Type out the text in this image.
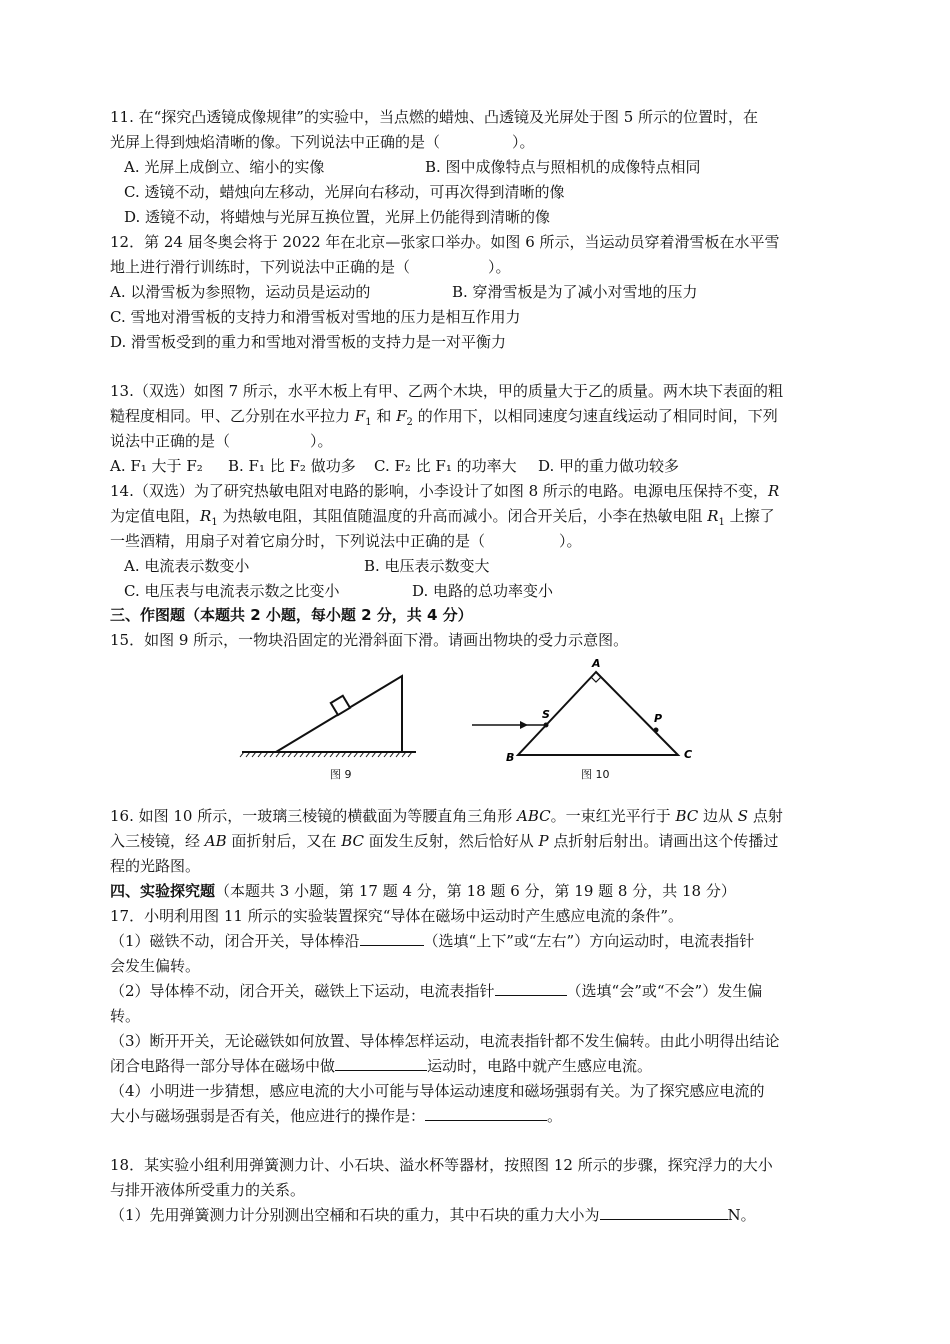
11. 在“探究凸透镜成像规律”的实验中，当点燃的蜡烛、凸透镜及光屏处于图 5 所示的位置时，在
光屏上得到烛焰清晰的像。下列说法中正确的是（	）。
A. 光屏上成倒立、缩小的实像	B. 图中成像特点与照相机的成像特点相同
C. 透镜不动，蜡烛向左移动，光屏向右移动，可再次得到清晰的像
D. 透镜不动，将蜡烛与光屏互换位置，光屏上仍能得到清晰的像
12．第 24 届冬奥会将于 2022 年在北京—张家口举办。如图 6 所示，当运动员穿着滑雪板在水平雪
地上进行滑行训练时，下列说法中正确的是（	）。
A. 以滑雪板为参照物，运动员是运动的	B. 穿滑雪板是为了减小对雪地的压力
C. 雪地对滑雪板的支持力和滑雪板对雪地的压力是相互作用力
D. 滑雪板受到的重力和雪地对滑雪板的支持力是一对平衡力
13.（双选）如图 7 所示，水平木板上有甲、乙两个木块，甲的质量大于乙的质量。两木块下表面的粗
糙程度相同。甲、乙分别在水平拉力 $F_1$ 和 $F_2$ 的作用下，以相同速度匀速直线运动了相同时间，下列
说法中正确的是（	）。
A. F₁ 大于 F₂ B. F₁ 比 F₂ 做功多 C. F₂ 比 F₁ 的功率大 D. 甲的重力做功较多
14.（双选）为了研究热敏电阻对电路的影响，小李设计了如图 8 所示的电路。电源电压保持不变，R
为定值电阻，$R_1$ 为热敏电阻，其阻值随温度的升高而减小。闭合开关后，小李在热敏电阻 $R_1$ 上擦了
一些酒精，用扇子对着它扇分时，下列说法中正确的是（	）。
A. 电流表示数变小	B. 电压表示数变大
C. 电压表与电流表示数之比变小	D. 电路的总功率变小
三、作图题（本题共 2 小题，每小题 2 分，共 4 分）
15．如图 9 所示，一物块沿固定的光滑斜面下滑。请画出物块的受力示意图。
图 9
A
B	C
S	P
图 10
16. 如图 10 所示，一玻璃三棱镜的横截面为等腰直角三角形 ABC。一束红光平行于 BC 边从 S 点射
入三棱镜，经 AB 面折射后，又在 BC 面发生反射，然后恰好从 P 点折射后射出。请画出这个传播过
程的光路图。
四、实验探究题（本题共 3 小题，第 17 题 4 分，第 18 题 6 分，第 19 题 8 分，共 18 分）
17．小明利用图 11 所示的实验装置探究“导体在磁场中运动时产生感应电流的条件”。
（1）磁铁不动，闭合开关，导体棒沿	（选填“上下”或“左右”）方向运动时，电流表指针
会发生偏转。
（2）导体棒不动，闭合开关，磁铁上下运动，电流表指针	（选填“会”或“不会”）发生偏
转。
（3）断开开关，无论磁铁如何放置、导体棒怎样运动，电流表指针都不发生偏转。由此小明得出结论
闭合电路得一部分导体在磁场中做	运动时，电路中就产生感应电流。
（4）小明进一步猜想，感应电流的大小可能与导体运动速度和磁场强弱有关。为了探究感应电流的
大小与磁场强弱是否有关，他应进行的操作是：	。
18．某实验小组利用弹簧测力计、小石块、溢水杯等器材，按照图 12 所示的步骤，探究浮力的大小
与排开液体所受重力的关系。
（1）先用弹簧测力计分别测出空桶和石块的重力，其中石块的重力大小为	N。
